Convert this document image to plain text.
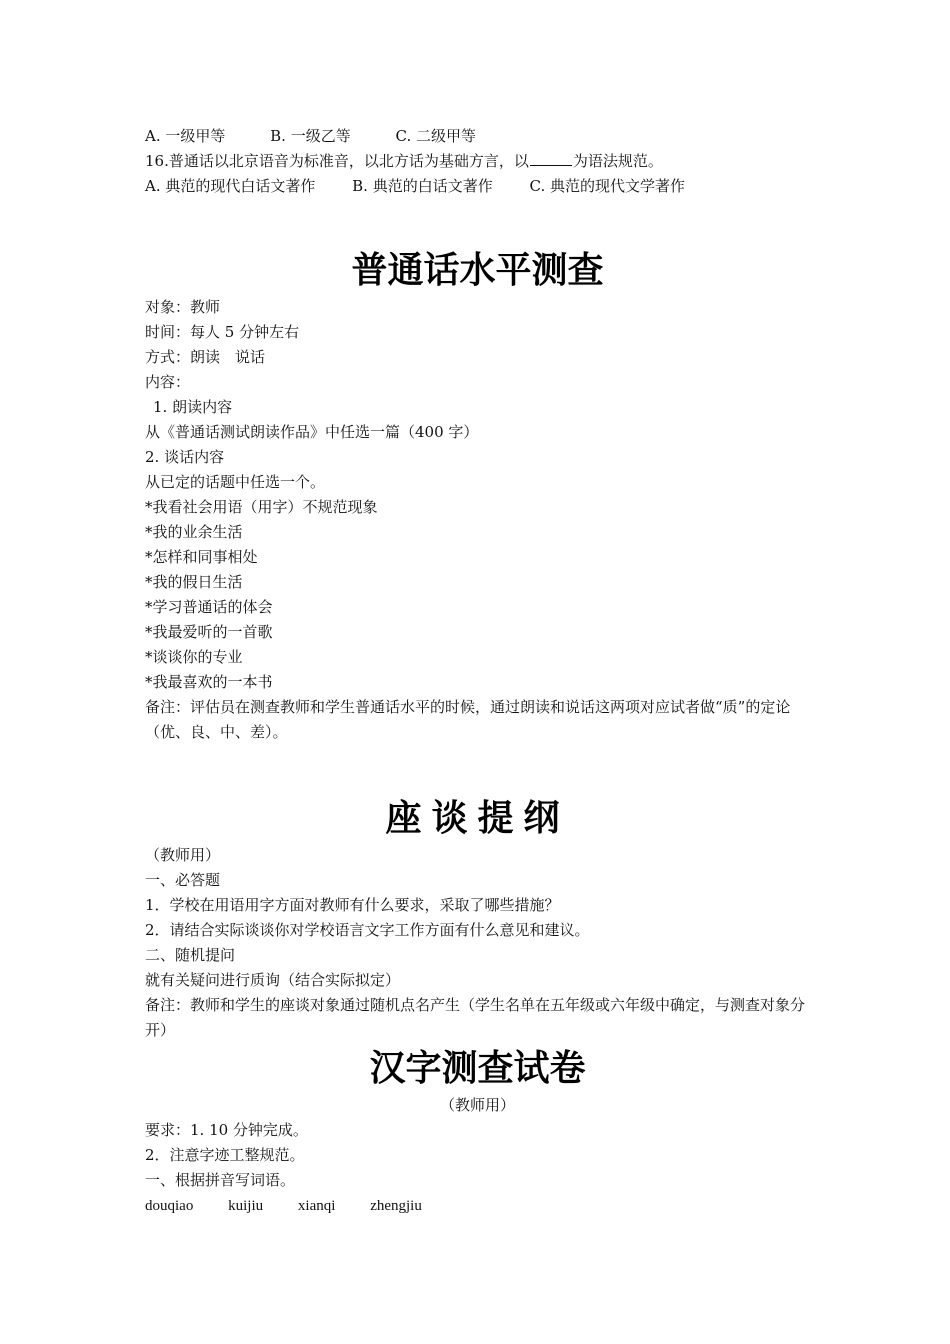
A. 一级甲等	B. 一级乙等	C. 二级甲等
16.普通话以北京语音为标准音，以北方话为基础方言，以	为语法规范。
A. 典范的现代白话文著作 B. 典范的白话文著作 C. 典范的现代文学著作
普通话水平测查
对象：教师
时间：每人 5 分钟左右
方式：朗读　说话
内容：
1. 朗读内容
从《普通话测试朗读作品》中任选一篇（400 字）
2. 谈话内容
从已定的话题中任选一个。
*我看社会用语（用字）不规范现象
*我的业余生活
*怎样和同事相处
*我的假日生活
*学习普通话的体会
*我最爱听的一首歌
*谈谈你的专业
*我最喜欢的一本书
备注：评估员在测查教师和学生普通话水平的时候，通过朗读和说话这两项对应试者做“质”的定论（优、良、中、差）。
座谈提纲
（教师用）
一、必答题
1．学校在用语用字方面对教师有什么要求，采取了哪些措施？
2．请结合实际谈谈你对学校语言文字工作方面有什么意见和建议。
二、随机提问
就有关疑问进行质询（结合实际拟定）
备注：教师和学生的座谈对象通过随机点名产生（学生名单在五年级或六年级中确定，与测查对象分开）
汉字测查试卷
（教师用）
要求：1. 10 分钟完成。
2．注意字迹工整规范。
一、根据拼音写词语。
douqiao kuijiu xianqi zhengjiu
